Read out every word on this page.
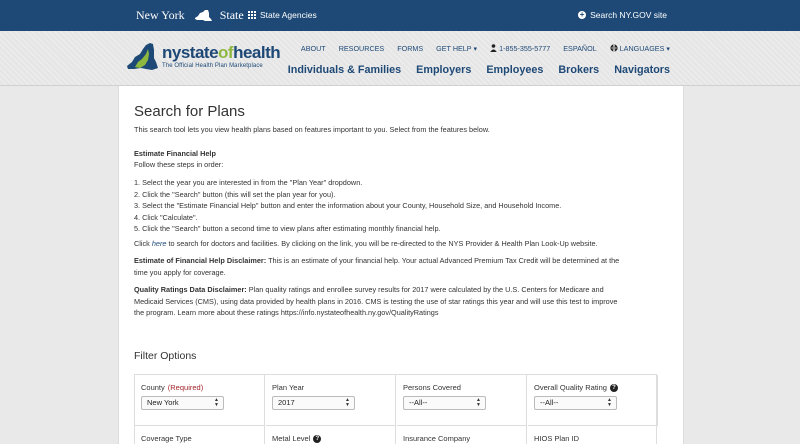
New York	State State Agencies	+ Search NY.GOV site
nystateofhealth
The Official Health Plan Marketplace
ABOUT RESOURCES FORMS GET HELP ▾	1-855-355-5777 ESPAÑOL	LANGUAGES ▾
Individuals & Families Employers Employees Brokers Navigators
Search for Plans
This search tool lets you view health plans based on features important to you. Select from the features below.
Estimate Financial Help
Follow these steps in order:
1. Select the year you are interested in from the "Plan Year" dropdown.
2. Click the "Search" button (this will set the plan year for you).
3. Select the "Estimate Financial Help" button and enter the information about your County, Household Size, and Household Income.
4. Click "Calculate".
5. Click the "Search" button a second time to view plans after estimating monthly financial help.
Click here to search for doctors and facilities. By clicking on the link, you will be re-directed to the NYS Provider & Health Plan Look-Up website.
Estimate of Financial Help Disclaimer: This is an estimate of your financial help. Your actual Advanced Premium Tax Credit will be determined at the
time you apply for coverage.
Quality Ratings Data Disclaimer: Plan quality ratings and enrollee survey results for 2017 were calculated by the U.S. Centers for Medicare and
Medicaid Services (CMS), using data provided by health plans in 2016. CMS is testing the use of star ratings this year and will use this test to improve
the program. Learn more about these ratings https://info.nystateofhealth.ny.gov/QualityRatings
Filter Options
County (Required)
New York	▲
▼
Plan Year
2017	▲
▼
Persons Covered
--All--	▲
▼
Overall Quality Rating ?
--All--	▲
▼
Coverage Type	Metal Level ?	Insurance Company	HIOS Plan ID
